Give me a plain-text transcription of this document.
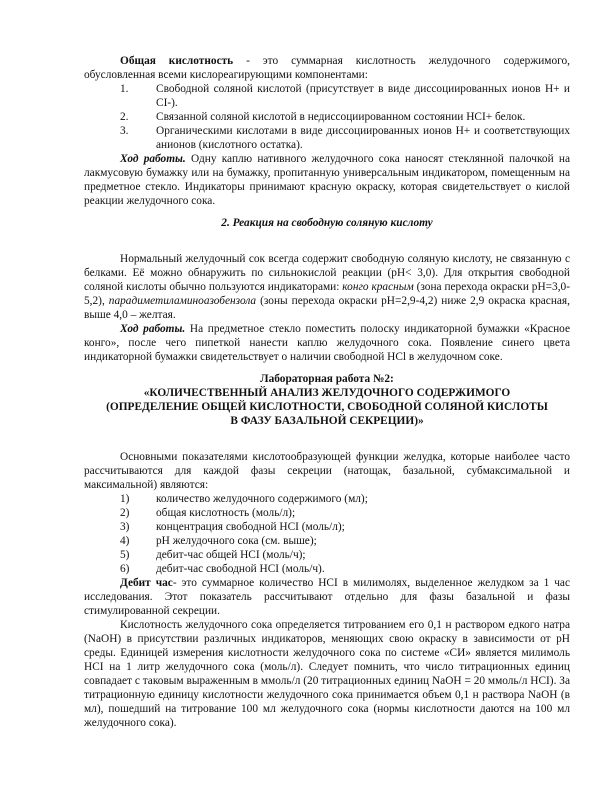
Общая кислотность - это суммарная кислотность желудочного содержимого, обусловленная всеми кислореагирующими компонентами:

1.	Свободной соляной кислотой (присутствует в виде диссоциированных ионов Н+ и СI-).

2.	Связанной соляной кислотой в недиссоциированном состоянии HCI+ белок.

3.	Органическими кислотами в виде диссоциированных ионов Н+ и соответствующих анионов (кислотного остатка).

Ход работы. Одну каплю нативного желудочного сока наносят стеклянной палочкой на лакмусовую бумажку или на бумажку, пропитанную универсальным индикатором, помещенным на предметное стекло. Индикаторы принимают красную окраску, которая свидетельствует о кислой реакции желудочного сока.

2. Реакция на свободную соляную кислоту

Нормальный желудочный сок всегда содержит свободную соляную кислоту, не связанную с белками. Её можно обнаружить по сильнокислой реакции (рН< 3,0). Для открытия свободной соляной кислоты обычно пользуются индикаторами: конго красным (зона перехода окраски рН=3,0-5,2), парадиметиламиноазобензола (зоны перехода окраски рН=2,9-4,2) ниже 2,9 окраска красная, выше 4,0 – желтая.

Ход работы. На предметное стекло поместить полоску индикаторной бумажки «Красное конго», после чего пипеткой нанести каплю желудочного сока. Появление синего цвета индикаторной бумажки свидетельствует о наличии свободной HCl в желудочном соке.

Лабораторная работа №2:

«КОЛИЧЕСТВЕННЫЙ АНАЛИЗ ЖЕЛУДОЧНОГО СОДЕРЖИМОГО

(ОПРЕДЕЛЕНИЕ ОБЩЕЙ КИСЛОТНОСТИ, СВОБОДНОЙ СОЛЯНОЙ КИСЛОТЫ

В ФАЗУ БАЗАЛЬНОЙ СЕКРЕЦИИ)»

Основными показателями кислотообразующей функции желудка, которые наиболее часто рассчитываются для каждой фазы секреции (натощак, базальной, субмаксимальной и максимальной) являются:

1)	количество желудочного содержимого (мл);

2)	общая кислотность (моль/л);

3)	концентрация свободной HCI (моль/л);

4)	рН желудочного сока (см. выше);

5)	дебит-час общей HCI (моль/ч);

6)	дебит-час свободной HCI (моль/ч).

Дебит час- это суммарное количество HCI в милимолях, выделенное желудком за 1 час исследования. Этот показатель рассчитывают отдельно для фазы базальной и фазы стимулированной секреции.

Кислотность желудочного сока определяется титрованием его 0,1 н раствором едкого натра (NaOH) в присутствии различных индикаторов, меняющих свою окраску в зависимости от рН среды. Единицей измерения кислотности желудочного сока по системе «СИ» является милимоль HCI на 1 литр желудочного сока (моль/л). Следует помнить, что число титрационных единиц совпадает с таковым выраженным в ммоль/л (20 титрационных единиц NaOH = 20 ммоль/л HCI). За титрационную единицу кислотности желудочного сока принимается объем 0,1 н раствора NaOH (в мл), пошедший на титрование 100 мл желудочного сока (нормы кислотности даются на 100 мл желудочного сока).
